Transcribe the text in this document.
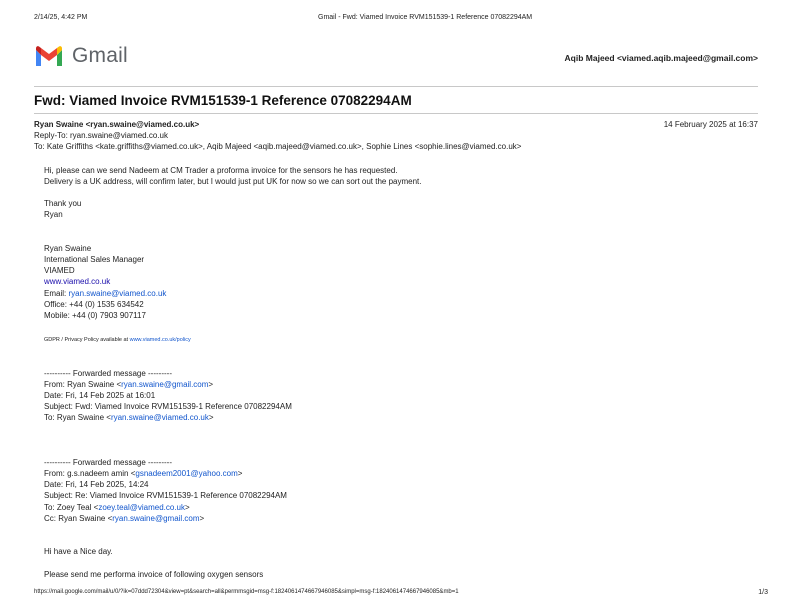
2/14/25, 4:42 PM	Gmail - Fwd: Viamed Invoice RVM151539-1 Reference 07082294AM
Gmail	Aqib Majeed <viamed.aqib.majeed@gmail.com>
Fwd: Viamed Invoice RVM151539-1 Reference 07082294AM
Ryan Swaine <ryan.swaine@viamed.co.uk>	14 February 2025 at 16:37
Reply-To: ryan.swaine@viamed.co.uk
To: Kate Griffiths <kate.griffiths@viamed.co.uk>, Aqib Majeed <aqib.majeed@viamed.co.uk>, Sophie Lines <sophie.lines@viamed.co.uk>
Hi, please can we send Nadeem at CM Trader a proforma invoice for the sensors he has requested.
Delivery is a UK address, will confirm later, but I would just put UK for now so we can sort out the payment.
Thank you
Ryan
Ryan Swaine
International Sales Manager
VIAMED
www.viamed.co.uk
Email: ryan.swaine@viamed.co.uk
Office: +44 (0) 1535 634542
Mobile: +44 (0) 7903 907117
GDPR / Privacy Policy available at www.viamed.co.uk/policy
---------- Forwarded message ---------
From: Ryan Swaine <ryan.swaine@gmail.com>
Date: Fri, 14 Feb 2025 at 16:01
Subject: Fwd: Viamed Invoice RVM151539-1 Reference 07082294AM
To: Ryan Swaine <ryan.swaine@viamed.co.uk>
---------- Forwarded message ---------
From: g.s.nadeem amin <gsnadeem2001@yahoo.com>
Date: Fri, 14 Feb 2025, 14:24
Subject: Re: Viamed Invoice RVM151539-1 Reference 07082294AM
To: Zoey Teal <zoey.teal@viamed.co.uk>
Cc: Ryan Swaine <ryan.swaine@gmail.com>
Hi have a Nice day.
Please send me performa invoice of following oxygen sensors
https://mail.google.com/mail/u/0/?ik=07ddd72304&view=pt&search=all&permmsgid=msg-f:1824061474667946085&simpl=msg-f:1824061474667946085&mb=1	1/3
